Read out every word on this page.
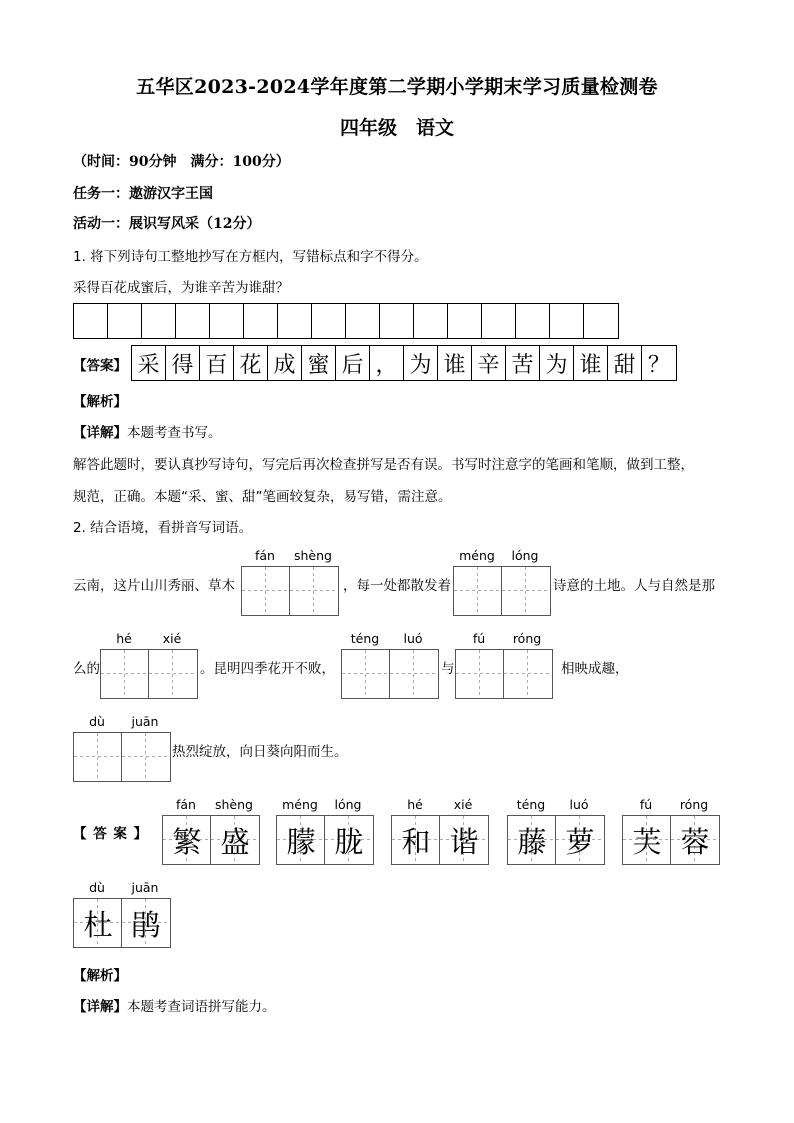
五华区2023-2024学年度第二学期小学期末学习质量检测卷
四年级　语文
（时间：90分钟　满分：100分）
任务一：遨游汉字王国
活动一：展识写风采（12分）
1. 将下列诗句工整地抄写在方框内，写错标点和字不得分。
采得百花成蜜后，为谁辛苦为谁甜？
【答案】 采 得 百 花 成 蜜 后 ， 为 谁 辛 苦 为 谁 甜 ？
【解析】
【详解】本题考查书写。
解答此题时，要认真抄写诗句，写完后再次检查拼写是否有误。书写时注意字的笔画和笔顺，做到工整，
规范，正确。本题“采、蜜、甜”笔画较复杂，易写错，需注意。
2. 结合语境，看拼音写词语。
云南，这片山川秀丽、草木
fán	shèng
，每一处都散发着
méng	lóng
诗意的土地。人与自然是那
么的
hé	xié
。昆明四季花开不败，
téng	luó
与
fú	róng
相映成趣，
dù	juān
热烈绽放，向日葵向阳而生。
【 答 案 】
fán	shèng
繁 盛
méng	lóng
朦 胧
hé	xié
和 谐
téng	luó
藤 萝
fú	róng
芙 蓉
dù	juān
杜 鹃
【解析】
【详解】本题考查词语拼写能力。
